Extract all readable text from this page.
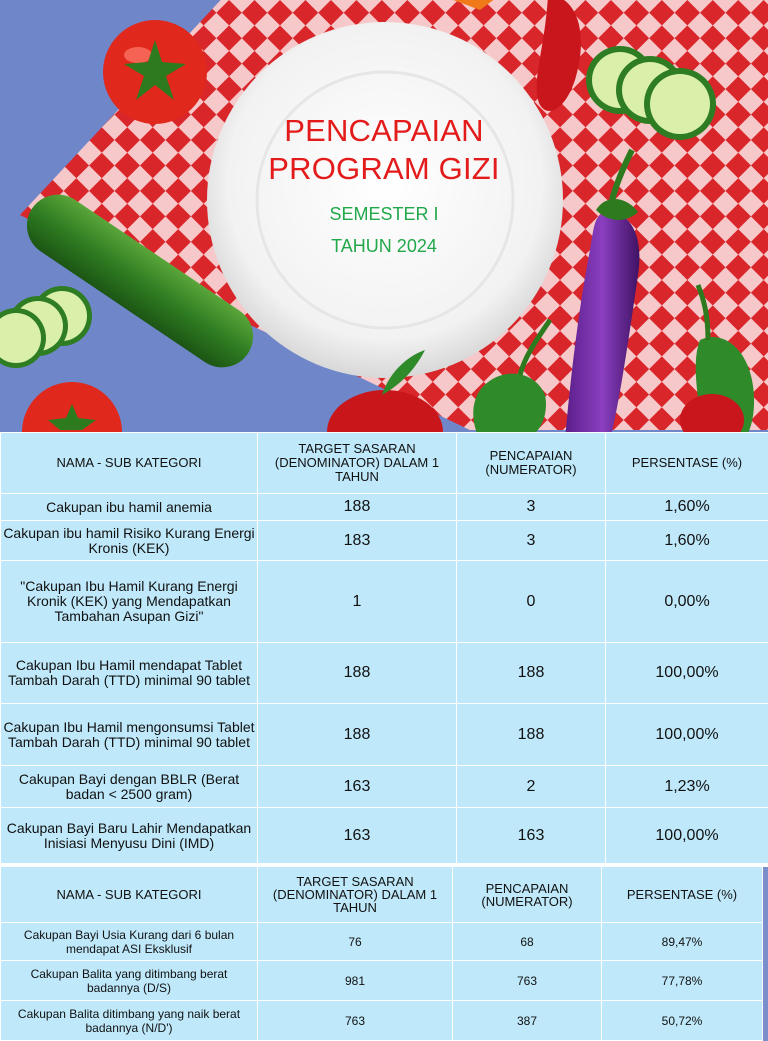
PENCAPAIAN
PROGRAM GIZI
SEMESTER I
TAHUN 2024
NAMA - SUB KATEGORI	TARGET SASARAN (DENOMINATOR) DALAM 1 TAHUN	PENCAPAIAN (NUMERATOR)	PERSENTASE (%)
Cakupan ibu hamil anemia	188	3	1,60%
Cakupan ibu hamil Risiko Kurang Energi Kronis (KEK)	183	3	1,60%
"Cakupan Ibu Hamil Kurang Energi Kronik (KEK) yang Mendapatkan Tambahan Asupan Gizi"	1	0	0,00%
Cakupan Ibu Hamil mendapat Tablet Tambah Darah (TTD) minimal 90 tablet	188	188	100,00%
Cakupan Ibu Hamil mengonsumsi Tablet Tambah Darah (TTD) minimal 90 tablet	188	188	100,00%
Cakupan Bayi dengan BBLR (Berat badan < 2500 gram)	163	2	1,23%
Cakupan Bayi Baru Lahir Mendapatkan Inisiasi Menyusu Dini (IMD)	163	163	100,00%
NAMA - SUB KATEGORI	TARGET SASARAN (DENOMINATOR) DALAM 1 TAHUN	PENCAPAIAN (NUMERATOR)	PERSENTASE (%)
Cakupan Bayi Usia Kurang dari 6 bulan mendapat ASI Eksklusif	76	68	89,47%
Cakupan Balita yang ditimbang berat badannya (D/S)	981	763	77,78%
Cakupan Balita ditimbang yang naik berat badannya (N/D')	763	387	50,72%
